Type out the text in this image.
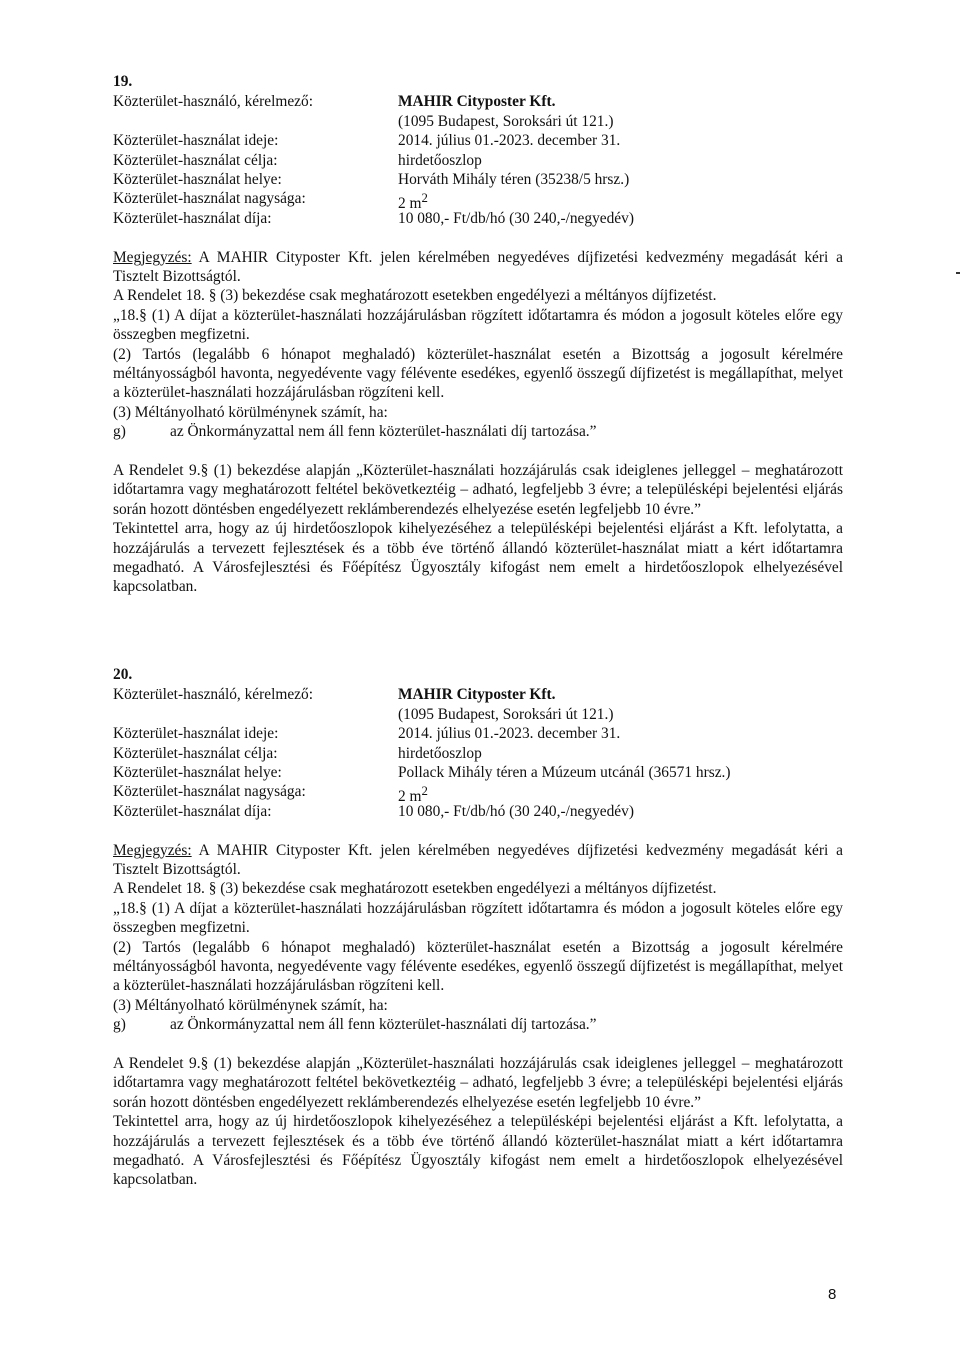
19.
Közterület-használó, kérelmező:	MAHIR Cityposter Kft.
(1095 Budapest, Soroksári út 121.)
Közterület-használat ideje:	2014. július 01.-2023. december 31.
Közterület-használat célja:	hirdetőoszlop
Közterület-használat helye:	Horváth Mihály téren (35238/5 hrsz.)
Közterület-használat nagysága:	2 $m^2$
Közterület-használat díja:	10 080,- Ft/db/hó (30 240,-/negyedév)
Megjegyzés: A MAHIR Cityposter Kft. jelen kérelmében negyedéves díjfizetési kedvezmény megadását kéri a Tisztelt Bizottságtól.
A Rendelet 18. § (3) bekezdése csak meghatározott esetekben engedélyezi a méltányos díjfizetést.
„18.§ (1) A díjat a közterület-használati hozzájárulásban rögzített időtartamra és módon a jogosult köteles előre egy összegben megfizetni.
(2) Tartós (legalább 6 hónapot meghaladó) közterület-használat esetén a Bizottság a jogosult kérelmére méltányosságból havonta, negyedévente vagy félévente esedékes, egyenlő összegű díjfizetést is megállapíthat, melyet a közterület-használati hozzájárulásban rögzíteni kell.
(3) Méltányolható körülménynek számít, ha:
g)	az Önkormányzattal nem áll fenn közterület-használati díj tartozása.”
A Rendelet 9.§ (1) bekezdése alapján „Közterület-használati hozzájárulás csak ideiglenes jelleggel – meghatározott időtartamra vagy meghatározott feltétel bekövetkeztéig – adható, legfeljebb 3 évre; a településképi bejelentési eljárás során hozott döntésben engedélyezett reklámberendezés elhelyezése esetén legfeljebb 10 évre.”
Tekintettel arra, hogy az új hirdetőoszlopok kihelyezéséhez a településképi bejelentési eljárást a Kft. lefolytatta, a hozzájárulás a tervezett fejlesztések és a több éve történő állandó közterület-használat miatt a kért időtartamra megadható. A Városfejlesztési és Főépítész Ügyosztály kifogást nem emelt a hirdetőoszlopok elhelyezésével kapcsolatban.
20.
Közterület-használó, kérelmező:	MAHIR Cityposter Kft.
(1095 Budapest, Soroksári út 121.)
Közterület-használat ideje:	2014. július 01.-2023. december 31.
Közterület-használat célja:	hirdetőoszlop
Közterület-használat helye:	Pollack Mihály téren a Múzeum utcánál (36571 hrsz.)
Közterület-használat nagysága:	2 $m^2$
Közterület-használat díja:	10 080,- Ft/db/hó (30 240,-/negyedév)
Megjegyzés: A MAHIR Cityposter Kft. jelen kérelmében negyedéves díjfizetési kedvezmény megadását kéri a Tisztelt Bizottságtól.
A Rendelet 18. § (3) bekezdése csak meghatározott esetekben engedélyezi a méltányos díjfizetést.
„18.§ (1) A díjat a közterület-használati hozzájárulásban rögzített időtartamra és módon a jogosult köteles előre egy összegben megfizetni.
(2) Tartós (legalább 6 hónapot meghaladó) közterület-használat esetén a Bizottság a jogosult kérelmére méltányosságból havonta, negyedévente vagy félévente esedékes, egyenlő összegű díjfizetést is megállapíthat, melyet a közterület-használati hozzájárulásban rögzíteni kell.
(3) Méltányolható körülménynek számít, ha:
g)	az Önkormányzattal nem áll fenn közterület-használati díj tartozása.”
A Rendelet 9.§ (1) bekezdése alapján „Közterület-használati hozzájárulás csak ideiglenes jelleggel – meghatározott időtartamra vagy meghatározott feltétel bekövetkeztéig – adható, legfeljebb 3 évre; a településképi bejelentési eljárás során hozott döntésben engedélyezett reklámberendezés elhelyezése esetén legfeljebb 10 évre.”
Tekintettel arra, hogy az új hirdetőoszlopok kihelyezéséhez a településképi bejelentési eljárást a Kft. lefolytatta, a hozzájárulás a tervezett fejlesztések és a több éve történő állandó közterület-használat miatt a kért időtartamra megadható. A Városfejlesztési és Főépítész Ügyosztály kifogást nem emelt a hirdetőoszlopok elhelyezésével kapcsolatban.
8
